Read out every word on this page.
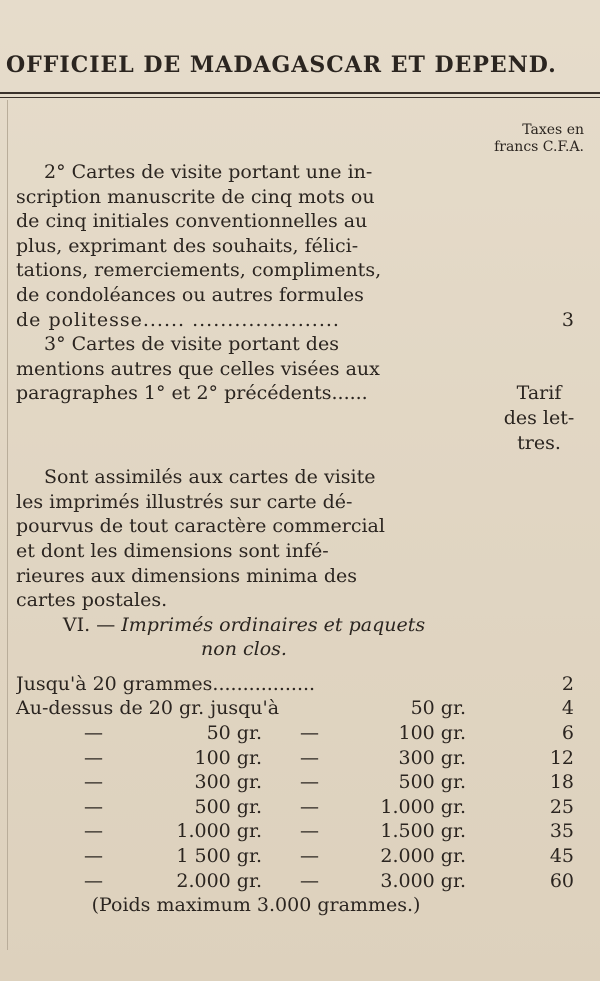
OFFICIEL DE MADAGASCAR ET DEPEND.
Taxes en
francs C.F.A.
2° Cartes de visite portant une in-
scription manuscrite de cinq mots ou
de cinq initiales conventionnelles au
plus, exprimant des souhaits, félici-
tations, remerciements, compliments,
de condoléances ou autres formules
de politesse...... .....................	3
3° Cartes de visite portant des
mentions autres que celles visées aux
paragraphes 1° et 2° précédents......	Tarif
des let-
tres.
Sont assimilés aux cartes de visite
les imprimés illustrés sur carte dé-
pourvus de tout caractère commercial
et dont les dimensions sont infé-
rieures aux dimensions minima des
cartes postales.
VI. — Imprimés ordinaires et paquets
non clos.
Jusqu'à 20 grammes.................	2
Au-dessus de 20 gr. jusqu'à	50 gr.	4
—	50 gr. —	100 gr.	6
—	100 gr. —	300 gr.	12
—	300 gr. —	500 gr.	18
—	500 gr. —	1.000 gr.	25
—	1.000 gr. —	1.500 gr.	35
—	1 500 gr. —	2.000 gr.	45
—	2.000 gr. —	3.000 gr.	60
(Poids maximum 3.000 grammes.)
